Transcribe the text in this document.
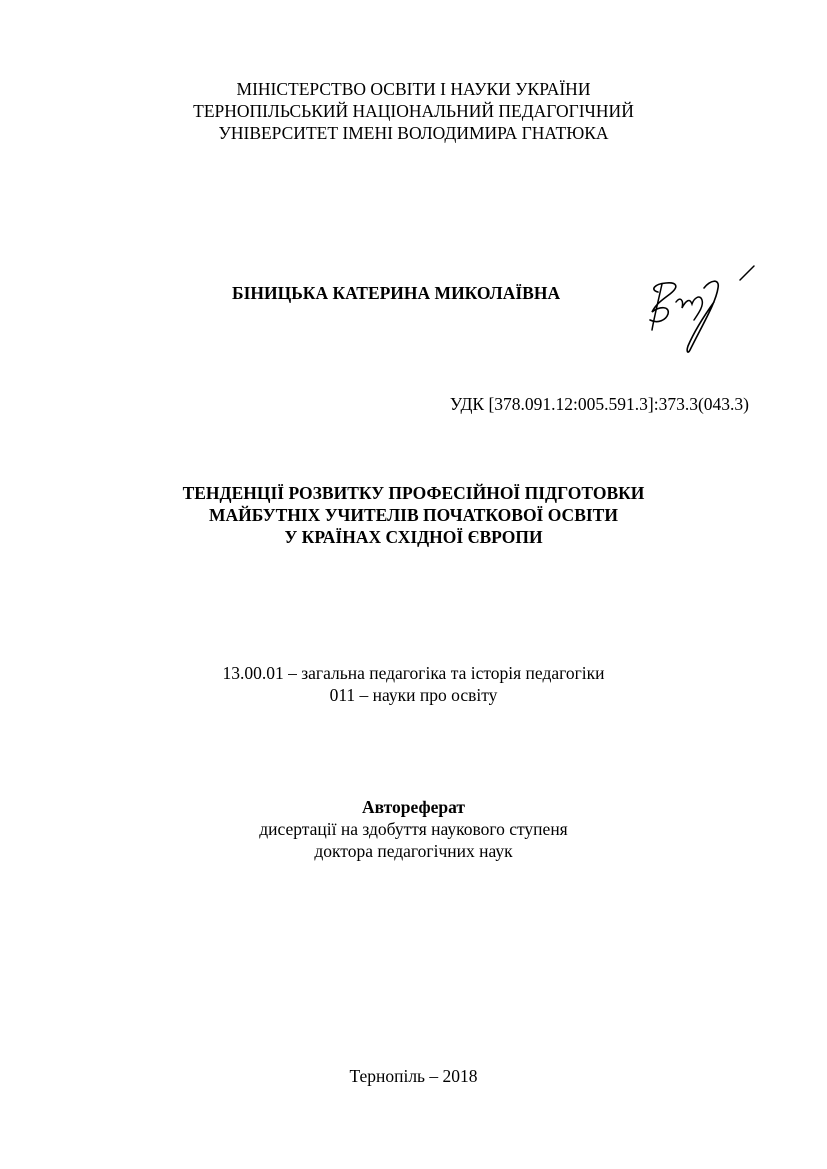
МІНІСТЕРСТВО ОСВІТИ І НАУКИ УКРАЇНИ
ТЕРНОПІЛЬСЬКИЙ НАЦІОНАЛЬНИЙ ПЕДАГОГІЧНИЙ
УНІВЕРСИТЕТ ІМЕНІ ВОЛОДИМИРА ГНАТЮКА
БІНИЦЬКА КАТЕРИНА МИКОЛАЇВНА
УДК [378.091.12:005.591.3]:373.3(043.3)
ТЕНДЕНЦІЇ РОЗВИТКУ ПРОФЕСІЙНОЇ ПІДГОТОВКИ
МАЙБУТНІХ УЧИТЕЛІВ ПОЧАТКОВОЇ ОСВІТИ
У КРАЇНАХ СХІДНОЇ ЄВРОПИ
13.00.01 – загальна педагогіка та історія педагогіки
011 – науки про освіту
Автореферат
дисертації на здобуття наукового ступеня
доктора педагогічних наук
Тернопіль – 2018
